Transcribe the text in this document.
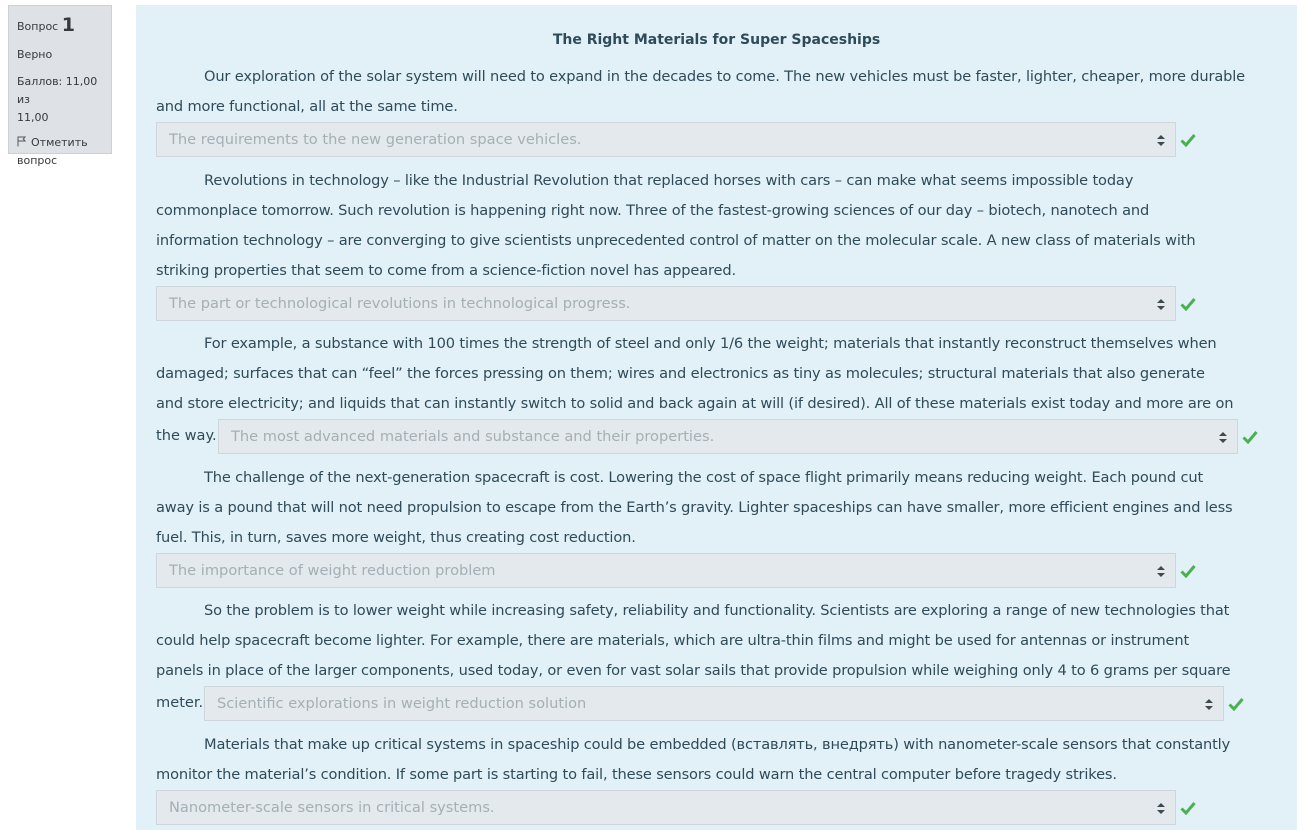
Вопрос 1
Верно
Баллов: 11,00 из
11,00
Отметить
вопрос
The Right Materials for Super Spaceships
Our exploration of the solar system will need to expand in the decades to come. The new vehicles must be faster, lighter, cheaper, more durable
and more functional, all at the same time.
The requirements to the new generation space vehicles.
Revolutions in technology – like the Industrial Revolution that replaced horses with cars – can make what seems impossible today
commonplace tomorrow. Such revolution is happening right now. Three of the fastest-growing sciences of our day – biotech, nanotech and
information technology – are converging to give scientists unprecedented control of matter on the molecular scale. A new class of materials with
striking properties that seem to come from a science-fiction novel has appeared.
The part or technological revolutions in technological progress.
For example, a substance with 100 times the strength of steel and only 1/6 the weight; materials that instantly reconstruct themselves when
damaged; surfaces that can “feel” the forces pressing on them; wires and electronics as tiny as molecules; structural materials that also generate
and store electricity; and liquids that can instantly switch to solid and back again at will (if desired). All of these materials exist today and more are on
the way. The most advanced materials and substance and their properties.
The challenge of the next-generation spacecraft is cost. Lowering the cost of space flight primarily means reducing weight. Each pound cut
away is a pound that will not need propulsion to escape from the Earth’s gravity. Lighter spaceships can have smaller, more efficient engines and less
fuel. This, in turn, saves more weight, thus creating cost reduction.
The importance of weight reduction problem
So the problem is to lower weight while increasing safety, reliability and functionality. Scientists are exploring a range of new technologies that
could help spacecraft become lighter. For example, there are materials, which are ultra-thin films and might be used for antennas or instrument
panels in place of the larger components, used today, or even for vast solar sails that provide propulsion while weighing only 4 to 6 grams per square
meter. Scientific explorations in weight reduction solution
Materials that make up critical systems in spaceship could be embedded (вставлять, внедрять) with nanometer-scale sensors that constantly
monitor the material’s condition. If some part is starting to fail, these sensors could warn the central computer before tragedy strikes.
Nanometer-scale sensors in critical systems.
